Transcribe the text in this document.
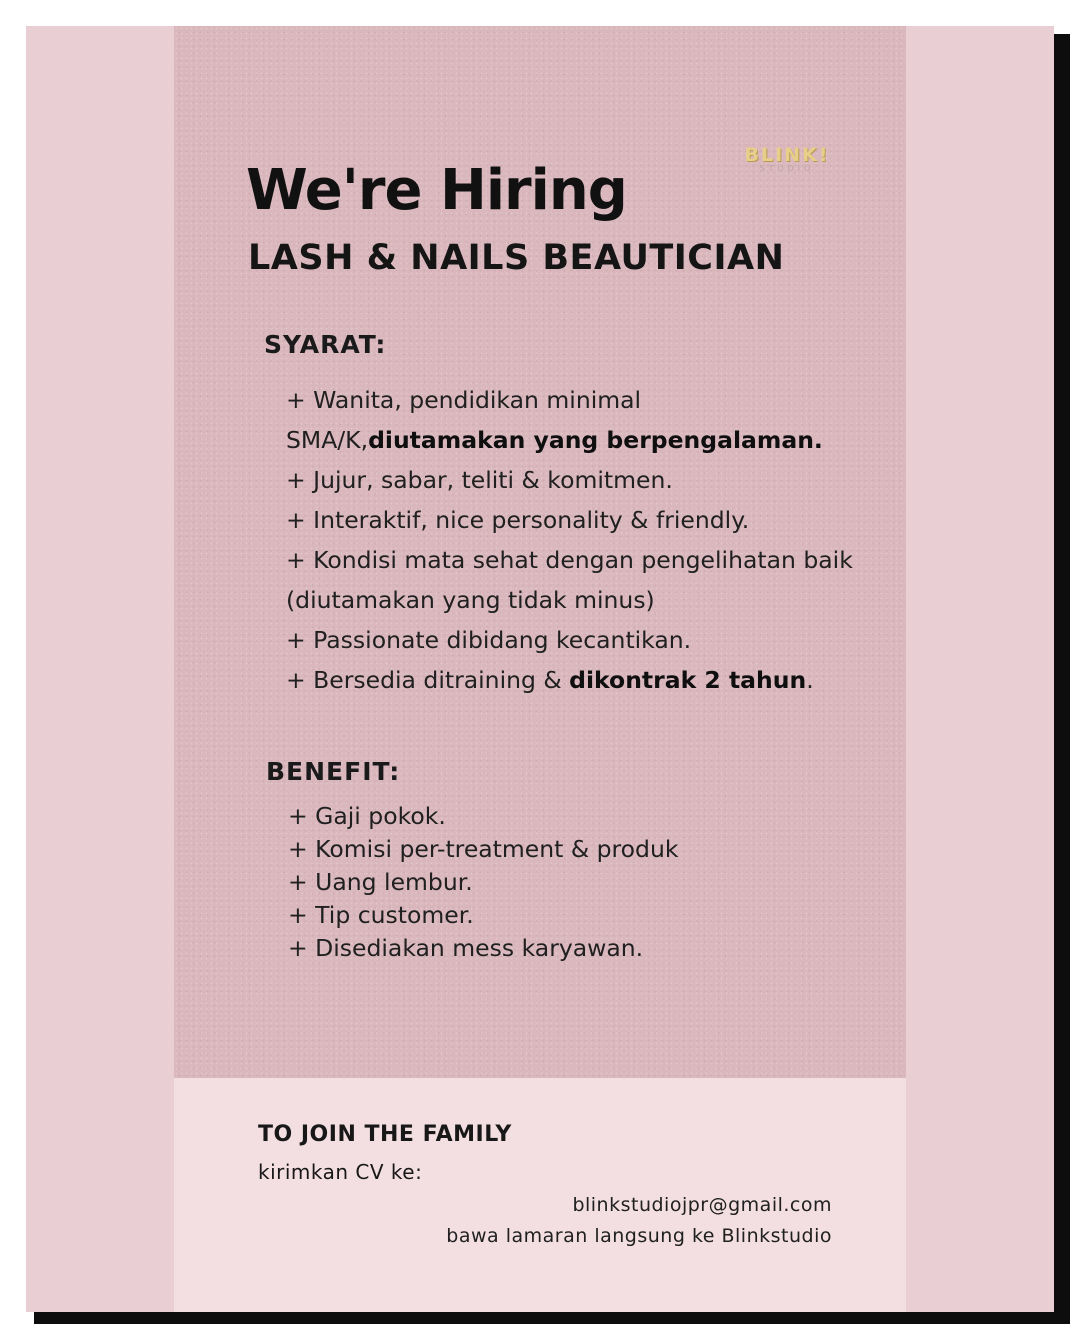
BLINK!
STUDIO
We're Hiring
LASH & NAILS BEAUTICIAN
SYARAT:
+ Wanita, pendidikan minimal
SMA/K,diutamakan yang berpengalaman.
+ Jujur, sabar, teliti & komitmen.
+ Interaktif, nice personality & friendly.
+ Kondisi mata sehat dengan pengelihatan baik
(diutamakan yang tidak minus)
+ Passionate dibidang kecantikan.
+ Bersedia ditraining & dikontrak 2 tahun.
BENEFIT:
+ Gaji pokok.
+ Komisi per-treatment & produk
+ Uang lembur.
+ Tip customer.
+ Disediakan mess karyawan.
TO JOIN THE FAMILY

kirimkan CV ke:

blinkstudiojpr@gmail.com
bawa lamaran langsung ke Blinkstudio
